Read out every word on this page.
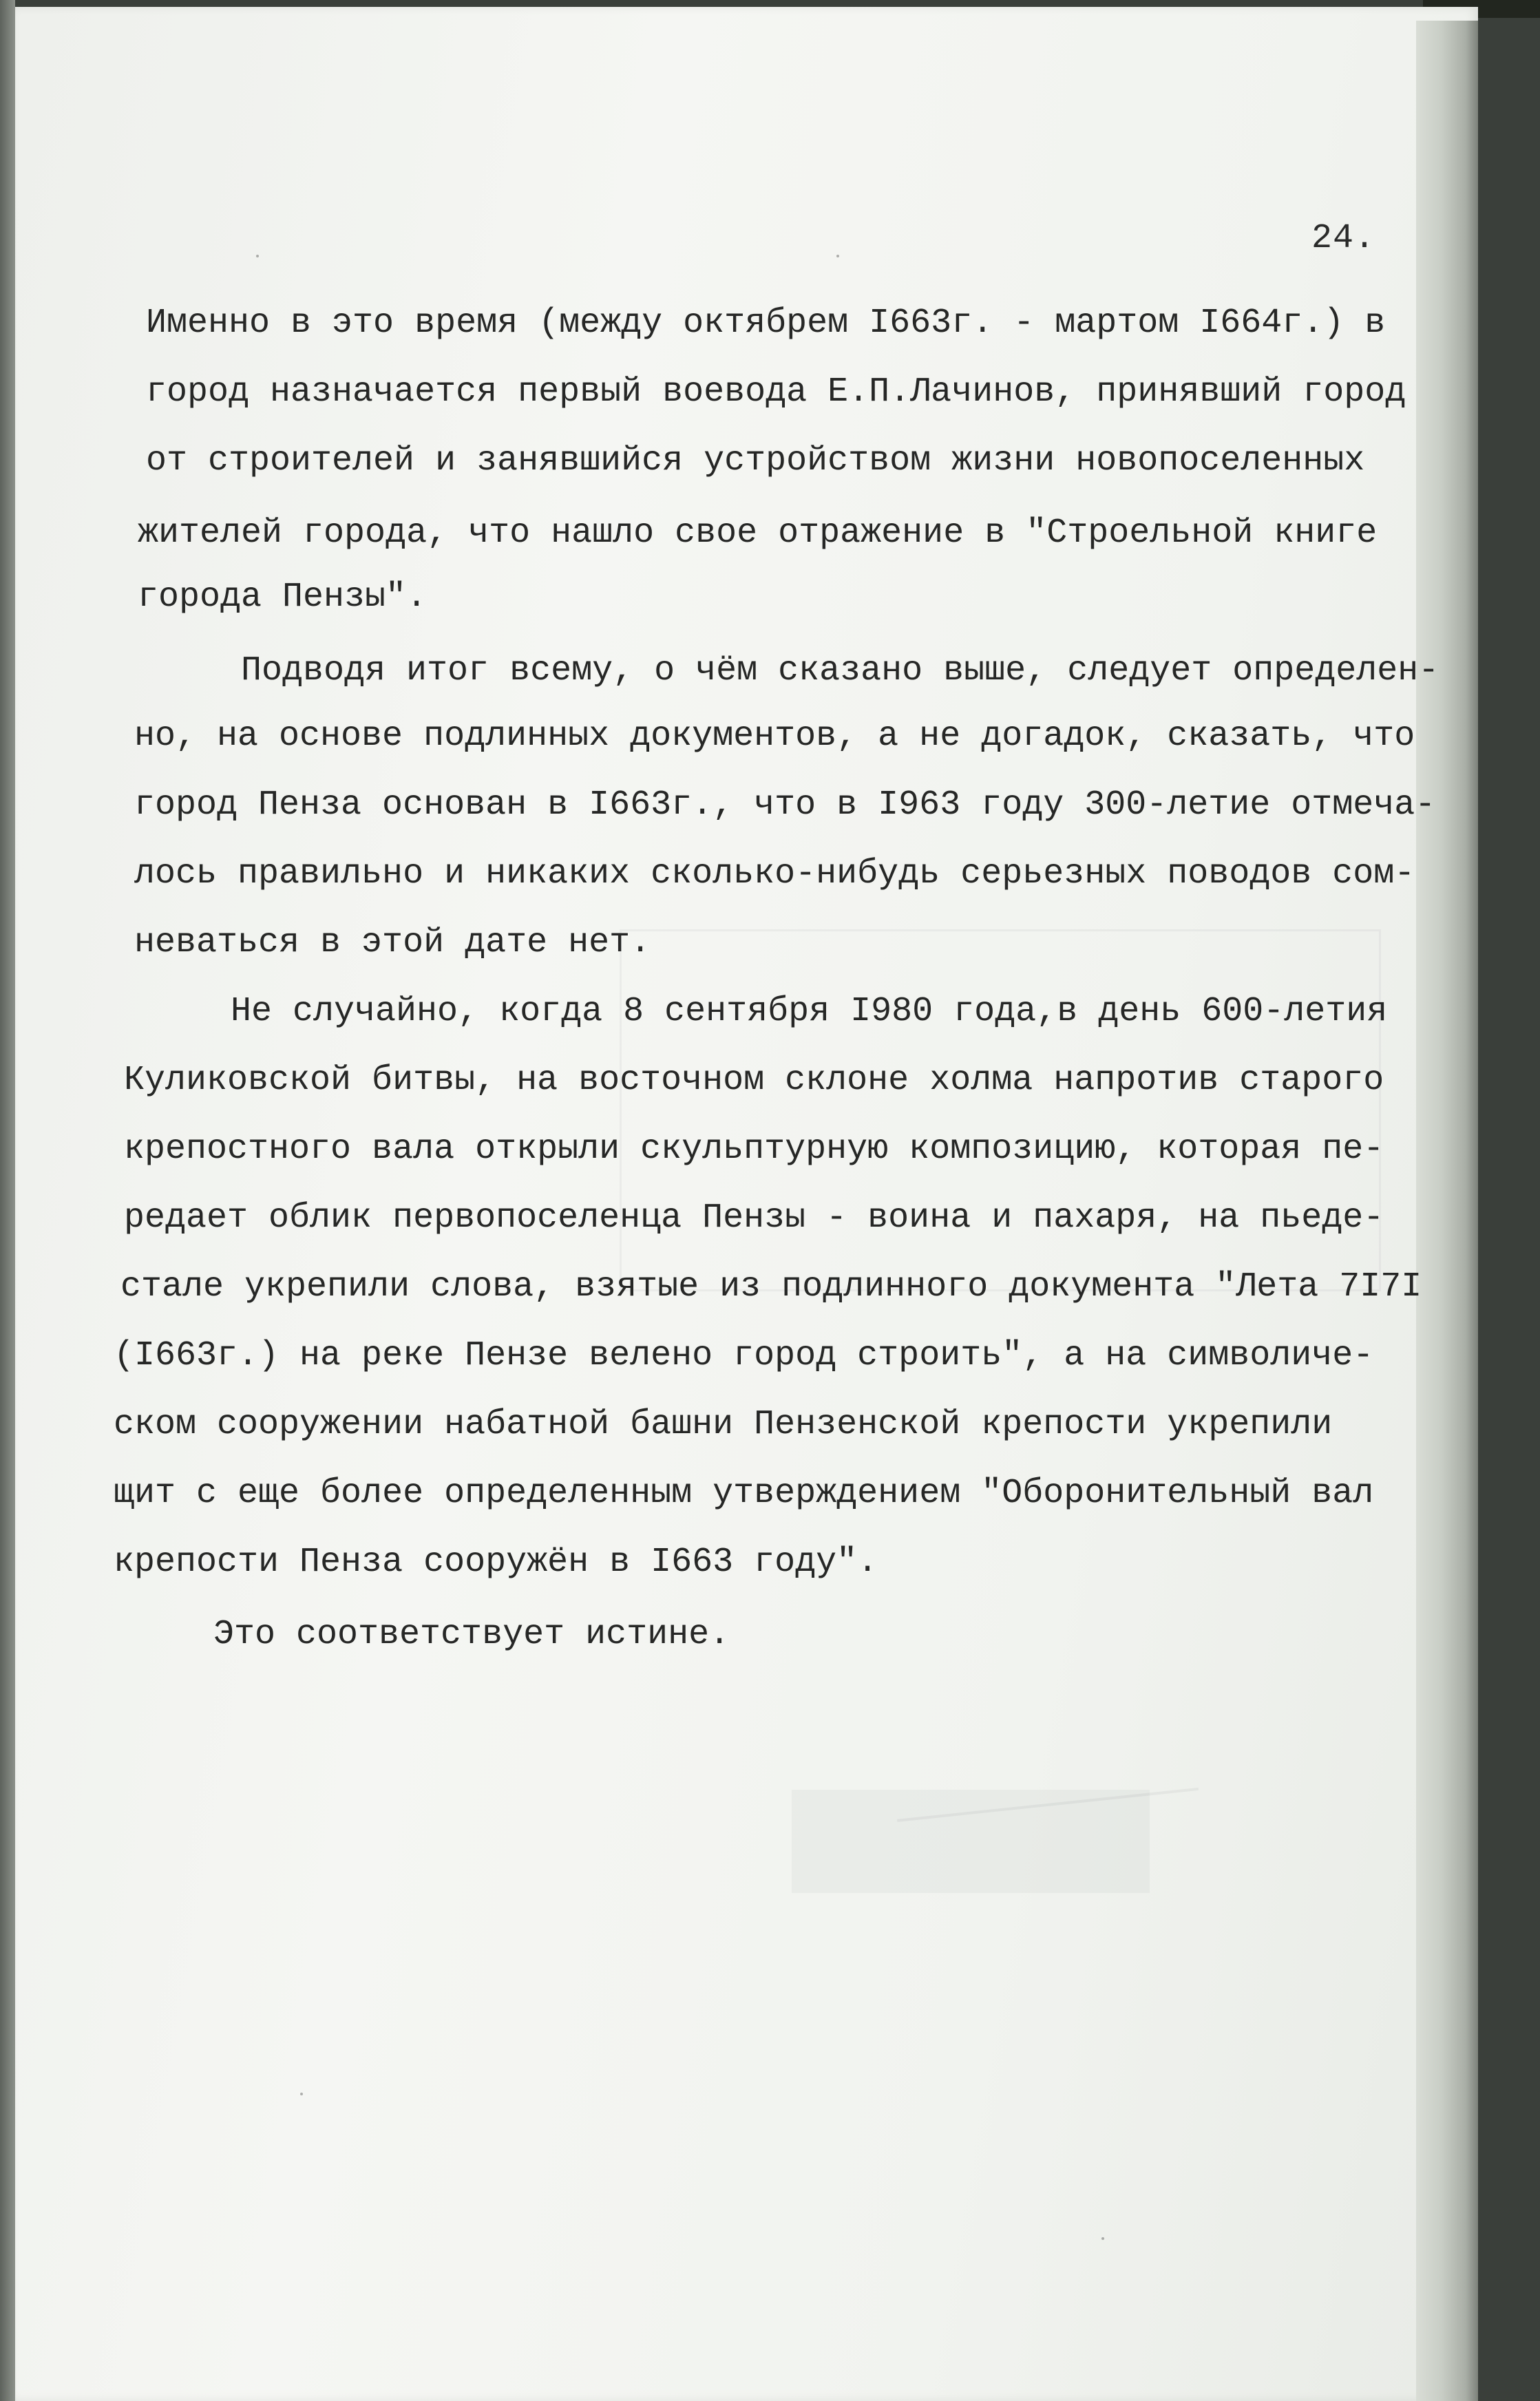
24.
Именно в это время (между октябрем I663г. - мартом I664г.) в
город назначается первый воевода Е.П.Лачинов, принявший город
от строителей и занявшийся устройством жизни новопоселенных
жителей города, что нашло свое отражение в "Строельной книге
города Пензы".
Подводя итог всему, о чём сказано выше, следует определен-
но, на основе подлинных документов, а не догадок, сказать, что
город Пенза основан в I663г., что в I963 году 300-летие отмеча-
лось правильно и никаких сколько-нибудь серьезных поводов сом-
неваться в этой дате нет.
Не случайно, когда 8 сентября I980 года,в день 600-летия
Куликовской битвы, на восточном склоне холма напротив старого
крепостного вала открыли скульптурную композицию, которая пе-
редает облик первопоселенца Пензы - воина и пахаря, на пьеде-
стале укрепили слова, взятые из подлинного документа "Лета 7I7I
(I663г.) на реке Пензе велено город строить", а на символиче-
ском сооружении набатной башни Пензенской крепости укрепили
щит с еще более определенным утверждением "Оборонительный вал
крепости Пенза сооружён в I663 году".
Это соответствует истине.
